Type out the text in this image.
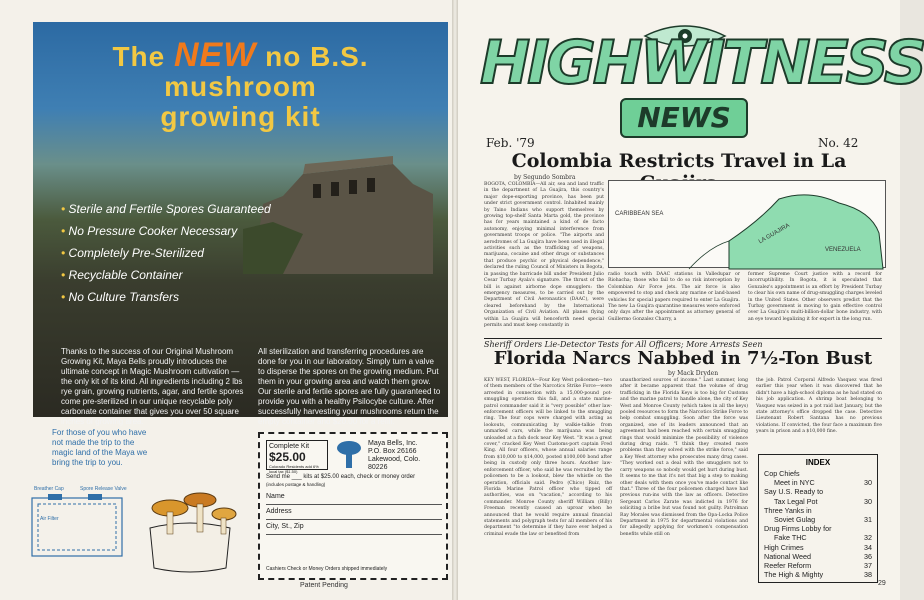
The NEW no B.S. mushroom
growing kit
• Sterile and Fertile Spores Guaranteed
• No Pressure Cooker Necessary
• Completely Pre-Sterilized
• Recyclable Container
• No Culture Transfers

Thanks to the success of our Original Mushroom Growing Kit, Maya Bells proudly introduces the ultimate concept in Magic Mushroom cultivation — the only kit of its kind. All ingredients including 2 lbs rye grain, growing nutrients, agar, and fertile spores come pre-sterilized in our unique recyclable poly carbonate container that gives you over 50 square inches of growing area.

All sterilization and transferring procedures are done for you in our laboratory. Simply turn a valve to disperse the spores on the growing medium. Put them in your growing area and watch them grow. Our sterile and fertile spores are fully guaranteed to provide you with a healthy Psilocybe culture. After successfully harvesting your mushrooms return the empty container and $20.00 for a refill.

For those of you who have not made the trip to the magic land of the Maya we bring the trip to you.

Breather Cap	Spore Release Valve
Air Filter
Complete Kit
$25.00
Colorado Residents add 6% local tax ($1.50)
Maya Bells, Inc.
P.O. Box 26166
Lakewood, Colo.
80226
Send me ___ kits at $25.00 each, check or money order
(includes postage & handling)
Name
Address
City, St., Zip
Cashiers Check or Money Orders shipped immediately
Patent Pending
HIGHWITNESS
NEWS
Feb. '79	No. 42
Colombia Restricts Travel in La
by Segundo Sombra
BOGOTA, COLOMBIA—All air, sea and land traffic in the department of La Guajira, this country's major dope-exporting province, has been put under strict government control. Inhabited mainly by Taino Indians who support themselves by growing top-shelf Santa Marta gold, the province has for years maintained a kind of de facto autonomy, enjoying minimal interference from government troops or police. "The airports and aerodromes of La Guajira have been used in illegal activities such as the trafficking of weapons, marijuana, cocaine and other drugs or substances that produce psychic or physical dependence," declared the ruling Council of Ministers in Bogota, in passing the barricade bill under President Julio Cesar Turbay Ayala's signature. The thrust of the bill is against airborne dope smugglers: the emergency measures, to be carried out by the Department of Civil Aeronautics (DAAC), were cleared beforehand by the International Organization of Civil Aviation. All planes flying within La Guajira will henceforth need special permits and must keep constantly in
CARIBBEAN SEA
LA GUAJIRA
VENEZUELA
radio touch with DAAC stations in Valledupar or Riohacha; those who fail to do so risk interception by Colombian Air Force jets. The air force is also empowered to stop and check any marine or land-based vehicles for special papers required to enter La Guajira. The new La Guajira quarantine measures were enforced only days after the appointment as attorney general of Guillermo Gonzalez Charry, a
former Supreme Court justice with a record for incorruptibility. In Bogota, it is speculated that Gonzalez's appointment is an effort by President Turbay to clear his own name of drug-smuggling charges leveled in the United States. Other observers predict that the Turbay government is moving to gain effective control over La Guajira's multi-billion-dollar bone industry, with an eye toward legalizing it for export in the long run.
Sheriff Orders Lie-Detector Tests for All Officers; More Arrests Seen
Florida Narcs Nabbed in 7½-Ton Bust
by Mack Dryden
KEY WEST, FLORIDA—Four Key West policemen—two of them members of the Narcotics Strike Force—were arrested in connection with a 15,000-pound pot-smuggling operation this fall, and a state marine-patrol commander said it is "very possible" other law-enforcement officers will be linked to the smuggling ring. The four cops were charged with acting as lookouts, communicating by walkie-talkie from unmarked cars, while the marijuana was being unloaded at a fish dock near Key West. "It was a great cover," cracked Key West Customs-port captain Fred King. All four officers, whose annual salaries range from $10,000 to $14,000, posted $100,000 bond after being in custody only three hours. Another law-enforcement officer, who said he was recruited by the policemen to be a lookout, blew the whistle on the operation, officials said. Pedro (Chico) Ruiz, the Florida Marine Patrol officer who tipped off authorities, was on "vacation," according to his commander. Monroe County sheriff William (Billy) Freeman recently caused an uproar when he announced that he would require annual financial statements and polygraph tests for all members of his department "to determine if they have ever helped a criminal evade the law or benefited from
unauthorized sources of income." Last summer, long after it became apparent that the volume of drug trafficking in the Florida Keys is too big for Customs and the marine patrol to handle alone, the city of Key West and Monroe County (which takes in all the keys) pooled resources to form the Narcotics Strike Force to help combat smuggling. Soon after the force was organized, one of its leaders announced that an agreement had been reached with certain smuggling rings that would minimize the possibility of violence during drug raids. "I think they created more problems than they solved with the strike force," said a Key West attorney who prosecutes many drug cases. "They worked out a deal with the smugglers not to carry weapons so nobody would get hurt during bust. It seems to me that it's not that big a step to making other deals with them once you've made contact like that." Three of the four policemen charged have had previous run-ins with the law as officers. Detective Sergeant Carlos Zarate was indicted in 1976 for soliciting a bribe but was found not guilty. Patrolman Ray Morales was dismissed from the Opa-Locka Police Department in 1975 for departmental violations and for allegedly applying for workmen's compensation benefits while still on
the job. Patrol Corporal Alfredo Vasquez was fired earlier this year when it was discovered that he didn't have a high-school diploma as he had stated on his job application. A shrimp boat belonging to Vasquez was seized in a pot raid last January, but the state attorney's office dropped the case. Detective Lieutenant Robert Santana has no previous violations. If convicted, the four face a maximum five years in prison and a $10,000 fine.
INDEX
Cop Chiefs
Meet in NYC	30
Say U.S. Ready to
Tax Legal Pot	30
Three Yanks in
Soviet Gulag	31
Drug Firms Lobby for
Fake THC	32
High Crimes	34
National Weed	36
Reefer Reform	37
The High & Mighty	38
29
